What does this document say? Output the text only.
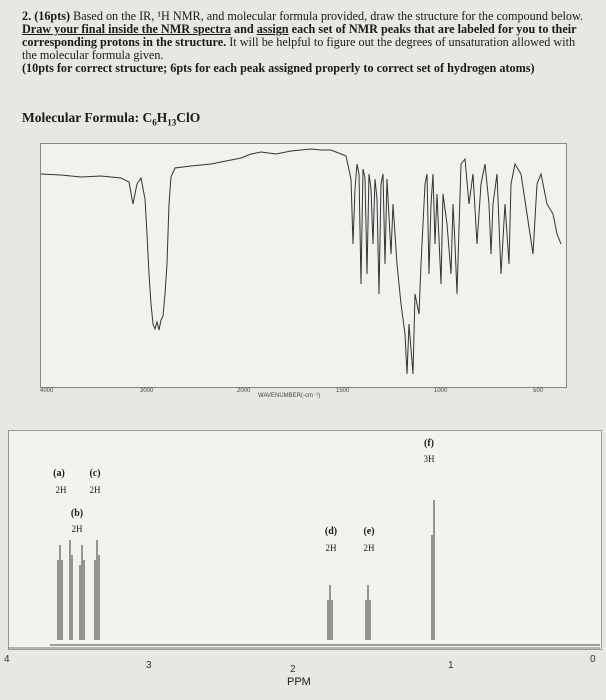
2. (16pts) Based on the IR, ¹H NMR, and molecular formula provided, draw the structure for the compound below. Draw your final inside the NMR spectra and assign each set of NMR peaks that are labeled for you to their corresponding protons in the structure. It will be helpful to figure out the degrees of unsaturation allowed with the molecular formula given.

(10pts for correct structure; 6pts for each peak assigned properly to correct set of hydrogen atoms)

Molecular Formula: $C_6H_{13}ClO$
4000	3000	2000	1500	1000	500
WAVENUMBER(-cm⁻¹)
(a)	(c)
2H	2H
(b)
2H	(d)
2H
(e)
2H
(f)
3H
4
3	2	1
0
PPM
